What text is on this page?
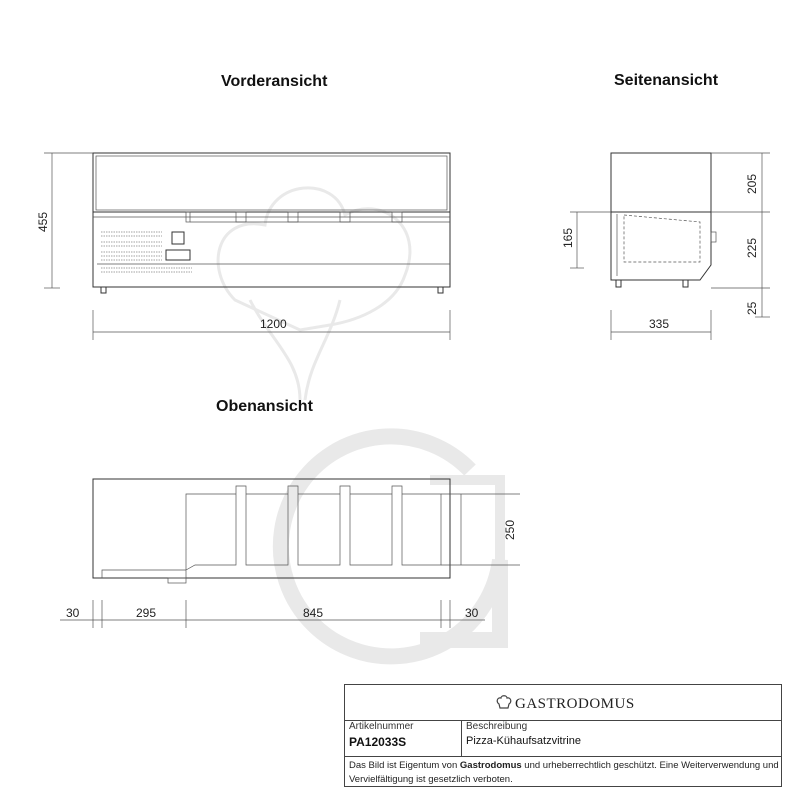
Vorderansicht	Seitenansicht
Obenansicht
455
1200
205
225
25
165
335
250
30	295	845	30
GASTRODOMUS
Artikelnummer
PA12033S
Beschreibung
Pizza-Kühaufsatzvitrine
Das Bild ist Eigentum von Gastrodomus und urheberrechtlich geschützt. Eine Weiterverwendung und Vervielfältigung ist gesetzlich verboten.
